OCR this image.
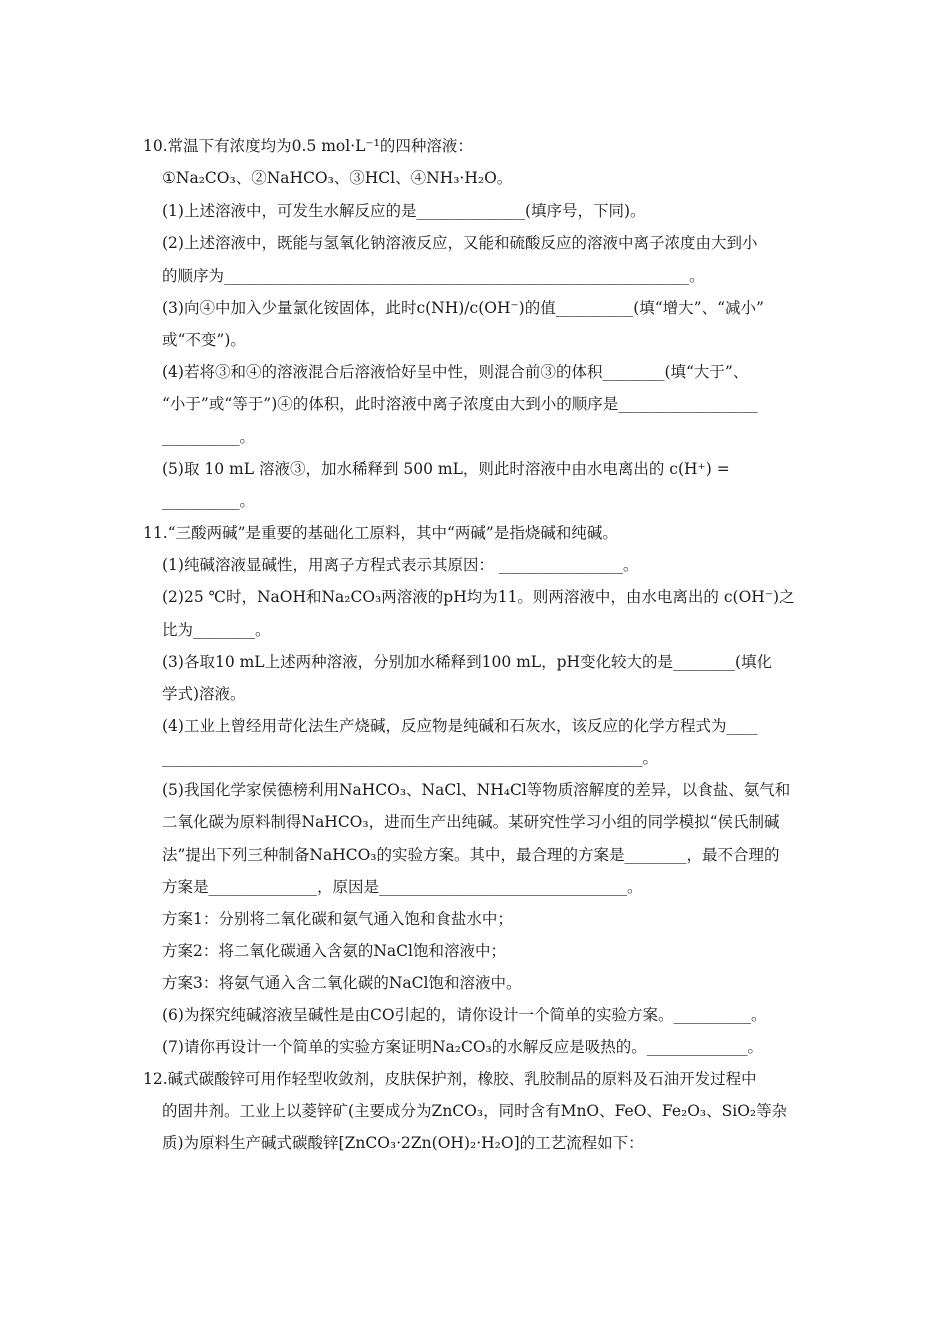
10.常温下有浓度均为0.5 mol·L⁻¹的四种溶液：
①Na₂CO₃、②NaHCO₃、③HCl、④NH₃·H₂O。
(1)上述溶液中，可发生水解反应的是______________(填序号，下同)。
(2)上述溶液中，既能与氢氧化钠溶液反应，又能和硫酸反应的溶液中离子浓度由大到小
的顺序为____________________________________________________________。
(3)向④中加入少量氯化铵固体，此时c(NH)/c(OH⁻)的值__________(填“增大”、“减小”
或“不变”)。
(4)若将③和④的溶液混合后溶液恰好呈中性，则混合前③的体积________(填“大于”、
“小于”或“等于”)④的体积，此时溶液中离子浓度由大到小的顺序是__________________
__________。
(5)取 10 mL 溶液③，加水稀释到 500 mL，则此时溶液中由水电离出的 c(H⁺) =
__________。
11.“三酸两碱”是重要的基础化工原料，其中“两碱”是指烧碱和纯碱。
(1)纯碱溶液显碱性，用离子方程式表示其原因： ________________。
(2)25 ℃时，NaOH和Na₂CO₃两溶液的pH均为11。则两溶液中，由水电离出的 c(OH⁻)之
比为________。
(3)各取10 mL上述两种溶液，分别加水稀释到100 mL，pH变化较大的是________(填化
学式)溶液。
(4)工业上曾经用苛化法生产烧碱，反应物是纯碱和石灰水，该反应的化学方程式为____
______________________________________________________________。
(5)我国化学家侯德榜利用NaHCO₃、NaCl、NH₄Cl等物质溶解度的差异，以食盐、氨气和
二氧化碳为原料制得NaHCO₃，进而生产出纯碱。某研究性学习小组的同学模拟“侯氏制碱
法”提出下列三种制备NaHCO₃的实验方案。其中，最合理的方案是________，最不合理的
方案是______________，原因是________________________________。
方案1：分别将二氧化碳和氨气通入饱和食盐水中；
方案2：将二氧化碳通入含氨的NaCl饱和溶液中；
方案3：将氨气通入含二氧化碳的NaCl饱和溶液中。
(6)为探究纯碱溶液呈碱性是由CO引起的，请你设计一个简单的实验方案。__________。
(7)请你再设计一个简单的实验方案证明Na₂CO₃的水解反应是吸热的。_____________。
12.碱式碳酸锌可用作轻型收敛剂，皮肤保护剂，橡胶、乳胶制品的原料及石油开发过程中
的固井剂。工业上以菱锌矿(主要成分为ZnCO₃，同时含有MnO、FeO、Fe₂O₃、SiO₂等杂
质)为原料生产碱式碳酸锌[ZnCO₃·2Zn(OH)₂·H₂O]的工艺流程如下：
